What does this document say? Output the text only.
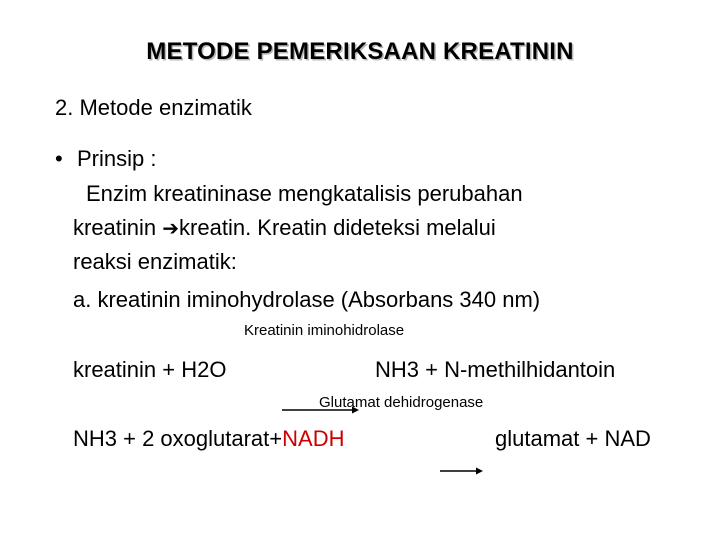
METODE PEMERIKSAAN KREATININ
2. Metode enzimatik
• Prinsip :
Enzim kreatininase mengkatalisis perubahan
kreatinin ➔kreatin. Kreatin dideteksi melalui
reaksi enzimatik:
a. kreatinin iminohydrolase (Absorbans 340 nm)
Kreatinin iminohidrolase
kreatinin + H2O	NH3 + N-methilhidantoin
Glutamat dehidrogenase
NH3 + 2 oxoglutarat+NADH	glutamat + NAD
